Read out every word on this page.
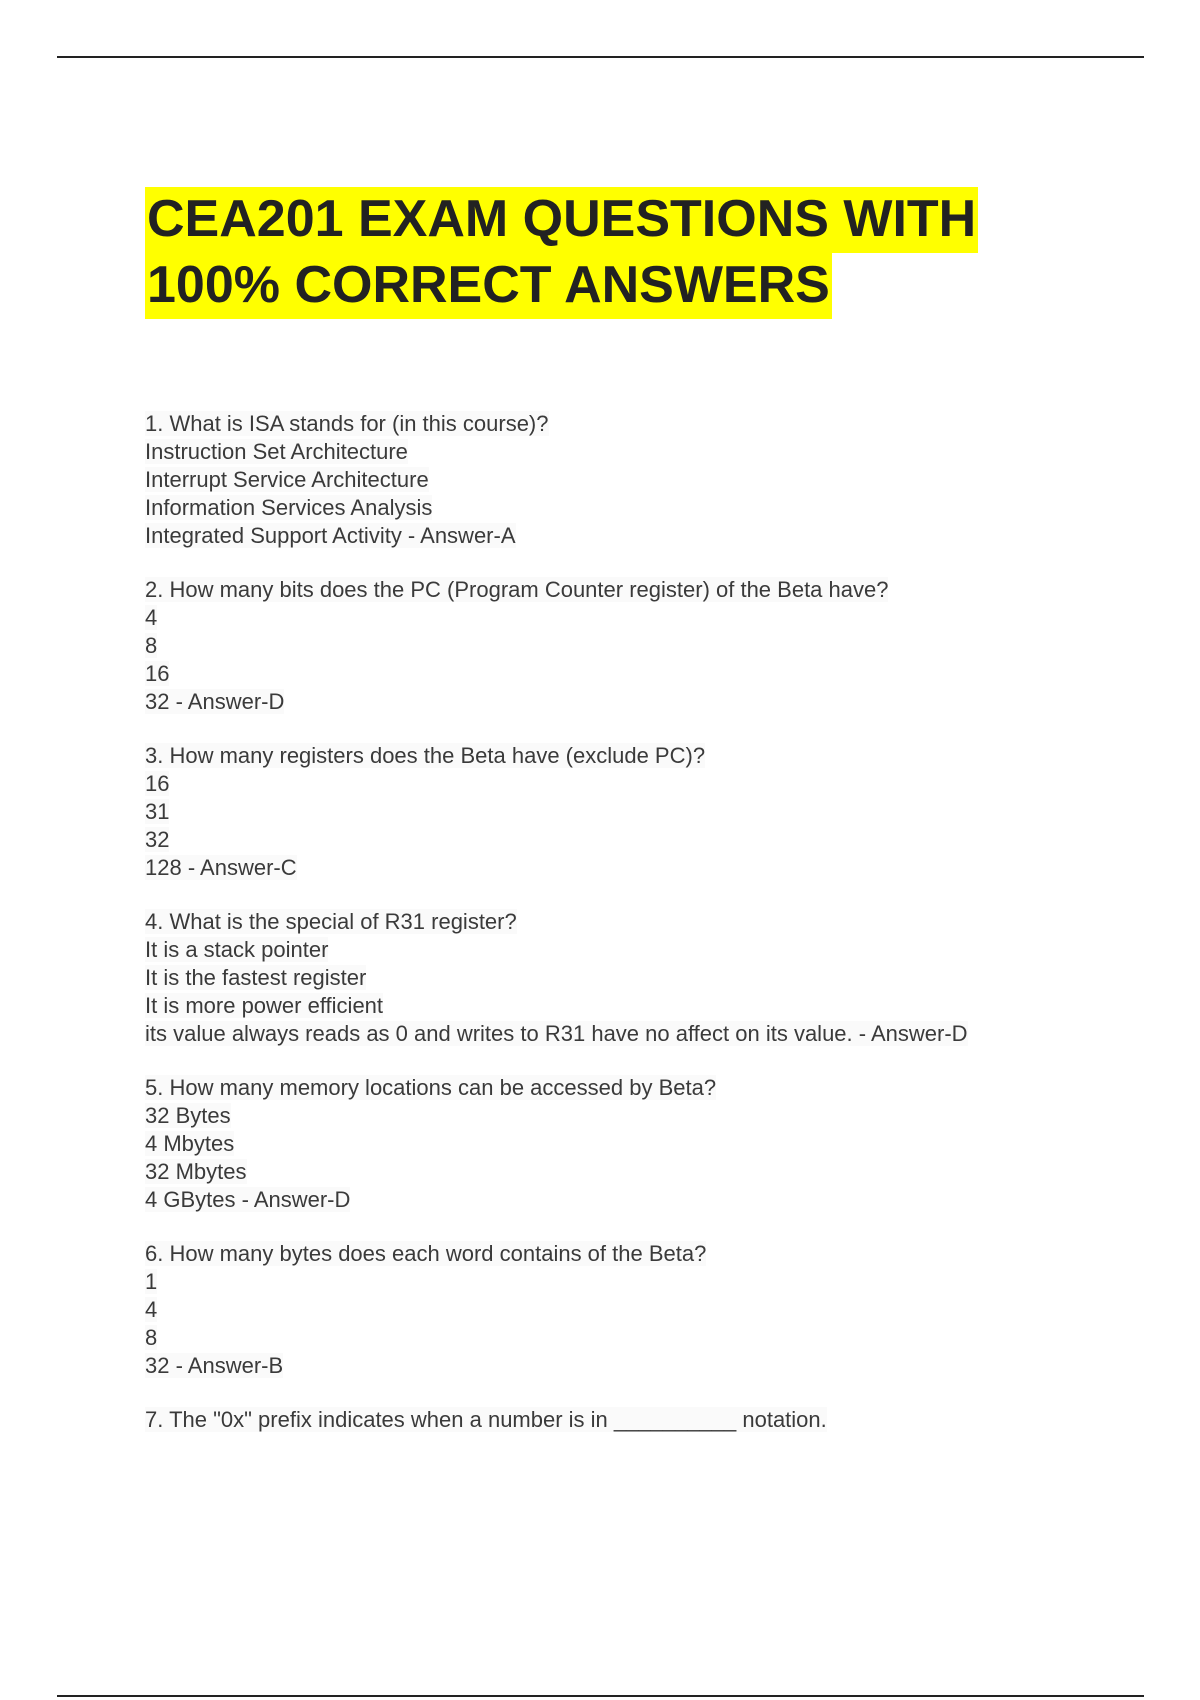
CEA201 EXAM QUESTIONS WITH
100% CORRECT ANSWERS
1. What is ISA stands for (in this course)?
Instruction Set Architecture
Interrupt Service Architecture
Information Services Analysis
Integrated Support Activity - Answer-A
2. How many bits does the PC (Program Counter register) of the Beta have?
4
8
16
32 - Answer-D
3. How many registers does the Beta have (exclude PC)?
16
31
32
128 - Answer-C
4. What is the special of R31 register?
It is a stack pointer
It is the fastest register
It is more power efficient
its value always reads as 0 and writes to R31 have no affect on its value. - Answer-D
5. How many memory locations can be accessed by Beta?
32 Bytes
4 Mbytes
32 Mbytes
4 GBytes - Answer-D
6. How many bytes does each word contains of the Beta?
1
4
8
32 - Answer-B
7. The "0x" prefix indicates when a number is in __________ notation.
